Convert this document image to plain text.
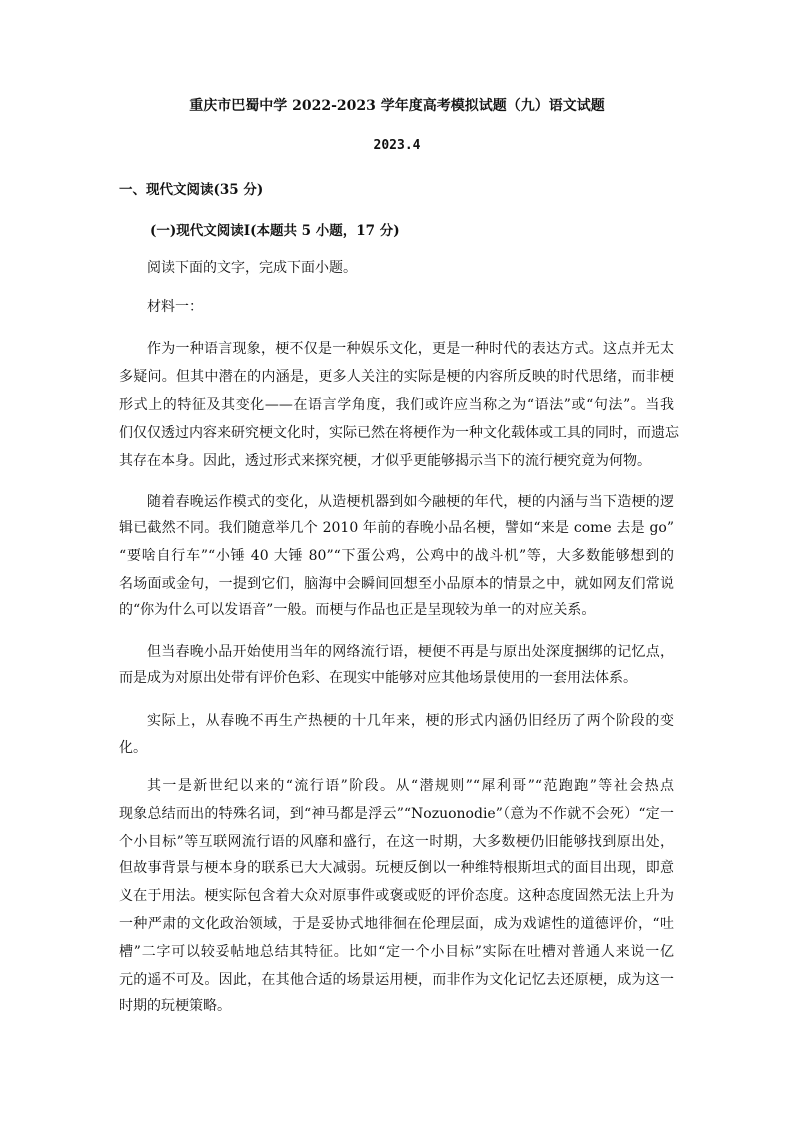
重庆市巴蜀中学 2022-2023 学年度高考模拟试题（九）语文试题
2023.4
一、现代文阅读(35 分)
(一)现代文阅读Ⅰ(本题共 5 小题，17 分)
阅读下面的文字，完成下面小题。
材料一：
作为一种语言现象，梗不仅是一种娱乐文化，更是一种时代的表达方式。这点并无太
多疑问。但其中潜在的内涵是，更多人关注的实际是梗的内容所反映的时代思绪，而非梗
形式上的特征及其变化——在语言学角度，我们或许应当称之为“语法”或“句法”。当我
们仅仅透过内容来研究梗文化时，实际已然在将梗作为一种文化载体或工具的同时，而遗忘
其存在本身。因此，透过形式来探究梗，才似乎更能够揭示当下的流行梗究竟为何物。
随着春晚运作模式的变化，从造梗机器到如今融梗的年代，梗的内涵与当下造梗的逻
辑已截然不同。我们随意举几个 2010 年前的春晚小品名梗，譬如“来是 come 去是 go”
“要啥自行车”“小锤 40 大锤 80”“下蛋公鸡，公鸡中的战斗机”等，大多数能够想到的
名场面或金句，一提到它们，脑海中会瞬间回想至小品原本的情景之中，就如网友们常说
的“你为什么可以发语音”一般。而梗与作品也正是呈现较为单一的对应关系。
但当春晚小品开始使用当年的网络流行语，梗便不再是与原出处深度捆绑的记忆点，
而是成为对原出处带有评价色彩、在现实中能够对应其他场景使用的一套用法体系。
实际上，从春晚不再生产热梗的十几年来，梗的形式内涵仍旧经历了两个阶段的变
化。
其一是新世纪以来的“流行语”阶段。从“潜规则”“犀利哥”“范跑跑”等社会热点
现象总结而出的特殊名词，到“神马都是浮云”“Nozuonodie”（意为不作就不会死）“定一
个小目标”等互联网流行语的风靡和盛行，在这一时期，大多数梗仍旧能够找到原出处，
但故事背景与梗本身的联系已大大减弱。玩梗反倒以一种维特根斯坦式的面目出现，即意
义在于用法。梗实际包含着大众对原事件或褒或贬的评价态度。这种态度固然无法上升为
一种严肃的文化政治领域，于是妥协式地徘徊在伦理层面，成为戏谑性的道德评价，“吐
槽”二字可以较妥帖地总结其特征。比如“定一个小目标”实际在吐槽对普通人来说一亿
元的遥不可及。因此，在其他合适的场景运用梗，而非作为文化记忆去还原梗，成为这一
时期的玩梗策略。
